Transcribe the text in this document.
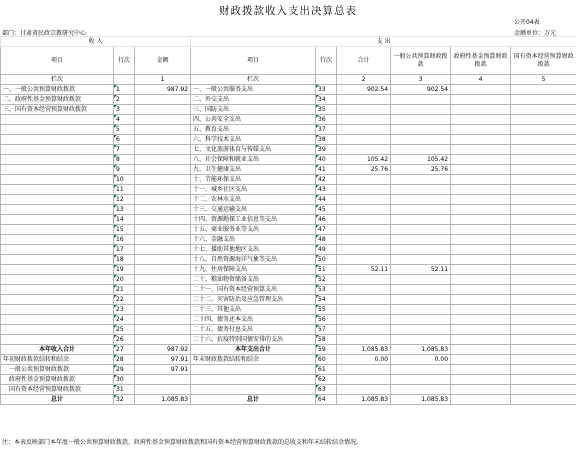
财政拨款收入支出决算总表
公开04表
部门：甘肃省民政宗教研究中心	金额单位：万元
收 入			支 出					
项目	行次	金额	项目	行次	合计	一般公共预算财政拨款	政府性基金预算财政拨款	国有资本经营预算财政拨款
栏次		1	栏次		2	3	4	5
一、一般公共预算财政拨款	1	987.92	一、一般公共服务支出	33	902.54	902.54		
二、政府性基金预算财政拨款	2		二、外交支出	34				
三、国有资本经营预算财政拨款	3		三、国防支出	35				
	4		四、公共安全支出	36				
	5		五、教育支出	37				
	6		六、科学技术支出	38				
	7		七、文化旅游体育与传媒支出	39				
	8		八、社会保障和就业支出	40	105.42	105.42		
	9		九、卫生健康支出	41	25.76	25.76		
	10		十、节能环保支出	42				
	11		十一、城乡社区支出	43				
	12		十二、农林水支出	44				
	13		十三、交通运输支出	45				
	14		十四、资源勘探工业信息等支出	46				
	15		十五、商业服务业等支出	47				
	16		十六、金融支出	48				
	17		十七、援助其他地区支出	49				
	18		十八、自然资源海洋气象等支出	50				
	19		十九、住房保障支出	51	52.11	52.11		
	20		二十、粮油物资储备支出	52				
	21		二十一、国有资本经营预算支出	53				
	22		二十二、灾害防治及应急管理支出	54				
	23		二十三、其他支出	55				
	24		二十四、债务还本支出	56				
	25		二十五、债务付息支出	57				
	26		二十六、抗疫特别国债安排的支出	58				
本年收入合计	27	987.92	本年支出合计	59	1,085.83	1,085.83		
年初财政拨款结转和结余	28	97.91	年末财政拨款结转和结余	60	0.00	0.00		
一般公共预算财政拨款	29	97.91		61				
政府性基金预算财政拨款	30			62				
国有资本经营预算财政拨款	31			63				
总计	32	1,085.83	总计	64	1,085.83	1,085.83		
注：本表反映部门本年度一般公共预算财政拨款、政府性基金预算财政拨款和国有资本经营预算财政拨款的总收支和年末结转结余情况。
